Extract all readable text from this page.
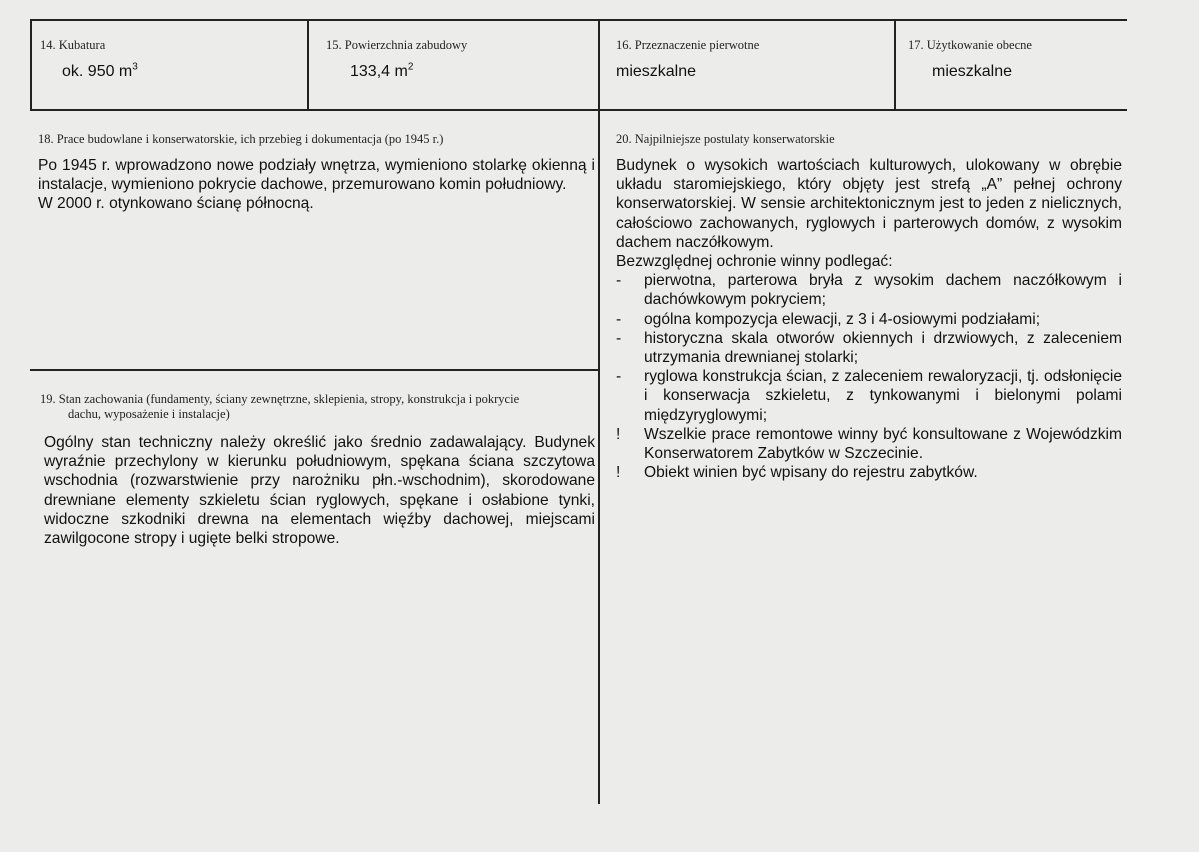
14. Kubatura
ok. 950 $m^3$
15. Powierzchnia zabudowy
133,4 $m^2$
16. Przeznaczenie pierwotne
mieszkalne
17. Użytkowanie obecne
mieszkalne
18. Prace budowlane i konserwatorskie, ich przebieg i dokumentacja (po 1945 r.)

Po 1945 r. wprowadzono nowe podziały wnętrza, wymieniono stolarkę okienną i instalacje, wymieniono pokrycie dachowe, przemurowano komin południowy.

W 2000 r. otynkowano ścianę północną.

19. Stan zachowania (fundamenty, ściany zewnętrzne, sklepienia, stropy, konstrukcja i pokrycie
dachu, wyposażenie i instalacje)
Ogólny stan techniczny należy określić jako średnio zadawalający. Budynek wyraźnie przechylony w kierunku południowym, spękana ściana szczytowa wschodnia (rozwarstwienie przy narożniku płn.-wschodnim), skorodowane drewniane elementy szkieletu ścian ryglowych, spękane i osłabione tynki, widoczne szkodniki drewna na elementach więźby dachowej, miejscami zawilgocone stropy i ugięte belki stropowe.
20. Najpilniejsze postulaty konserwatorskie

Budynek o wysokich wartościach kulturowych, ulokowany w obrębie układu staromiejskiego, który objęty jest strefą „A” pełnej ochrony konserwatorskiej. W sensie architektonicznym jest to jeden z nielicznych, całościowo zachowanych, ryglowych i parterowych domów, z wysokim dachem naczółkowym.

Bezwzględnej ochronie winny podlegać:

-	pierwotna, parterowa bryła z wysokim dachem naczółkowym i dachówkowym pokryciem;
-	ogólna kompozycja elewacji, z 3 i 4-osiowymi podziałami;
-	historyczna skala otworów okiennych i drzwiowych, z zaleceniem utrzymania drewnianej stolarki;
-	ryglowa konstrukcja ścian, z zaleceniem rewaloryzacji, tj. odsłonięcie i konserwacja szkieletu, z tynkowanymi i bielonymi polami międzyryglowymi;
!	Wszelkie prace remontowe winny być konsultowane z Wojewódzkim Konserwatorem Zabytków w Szczecinie.
!	Obiekt winien być wpisany do rejestru zabytków.
